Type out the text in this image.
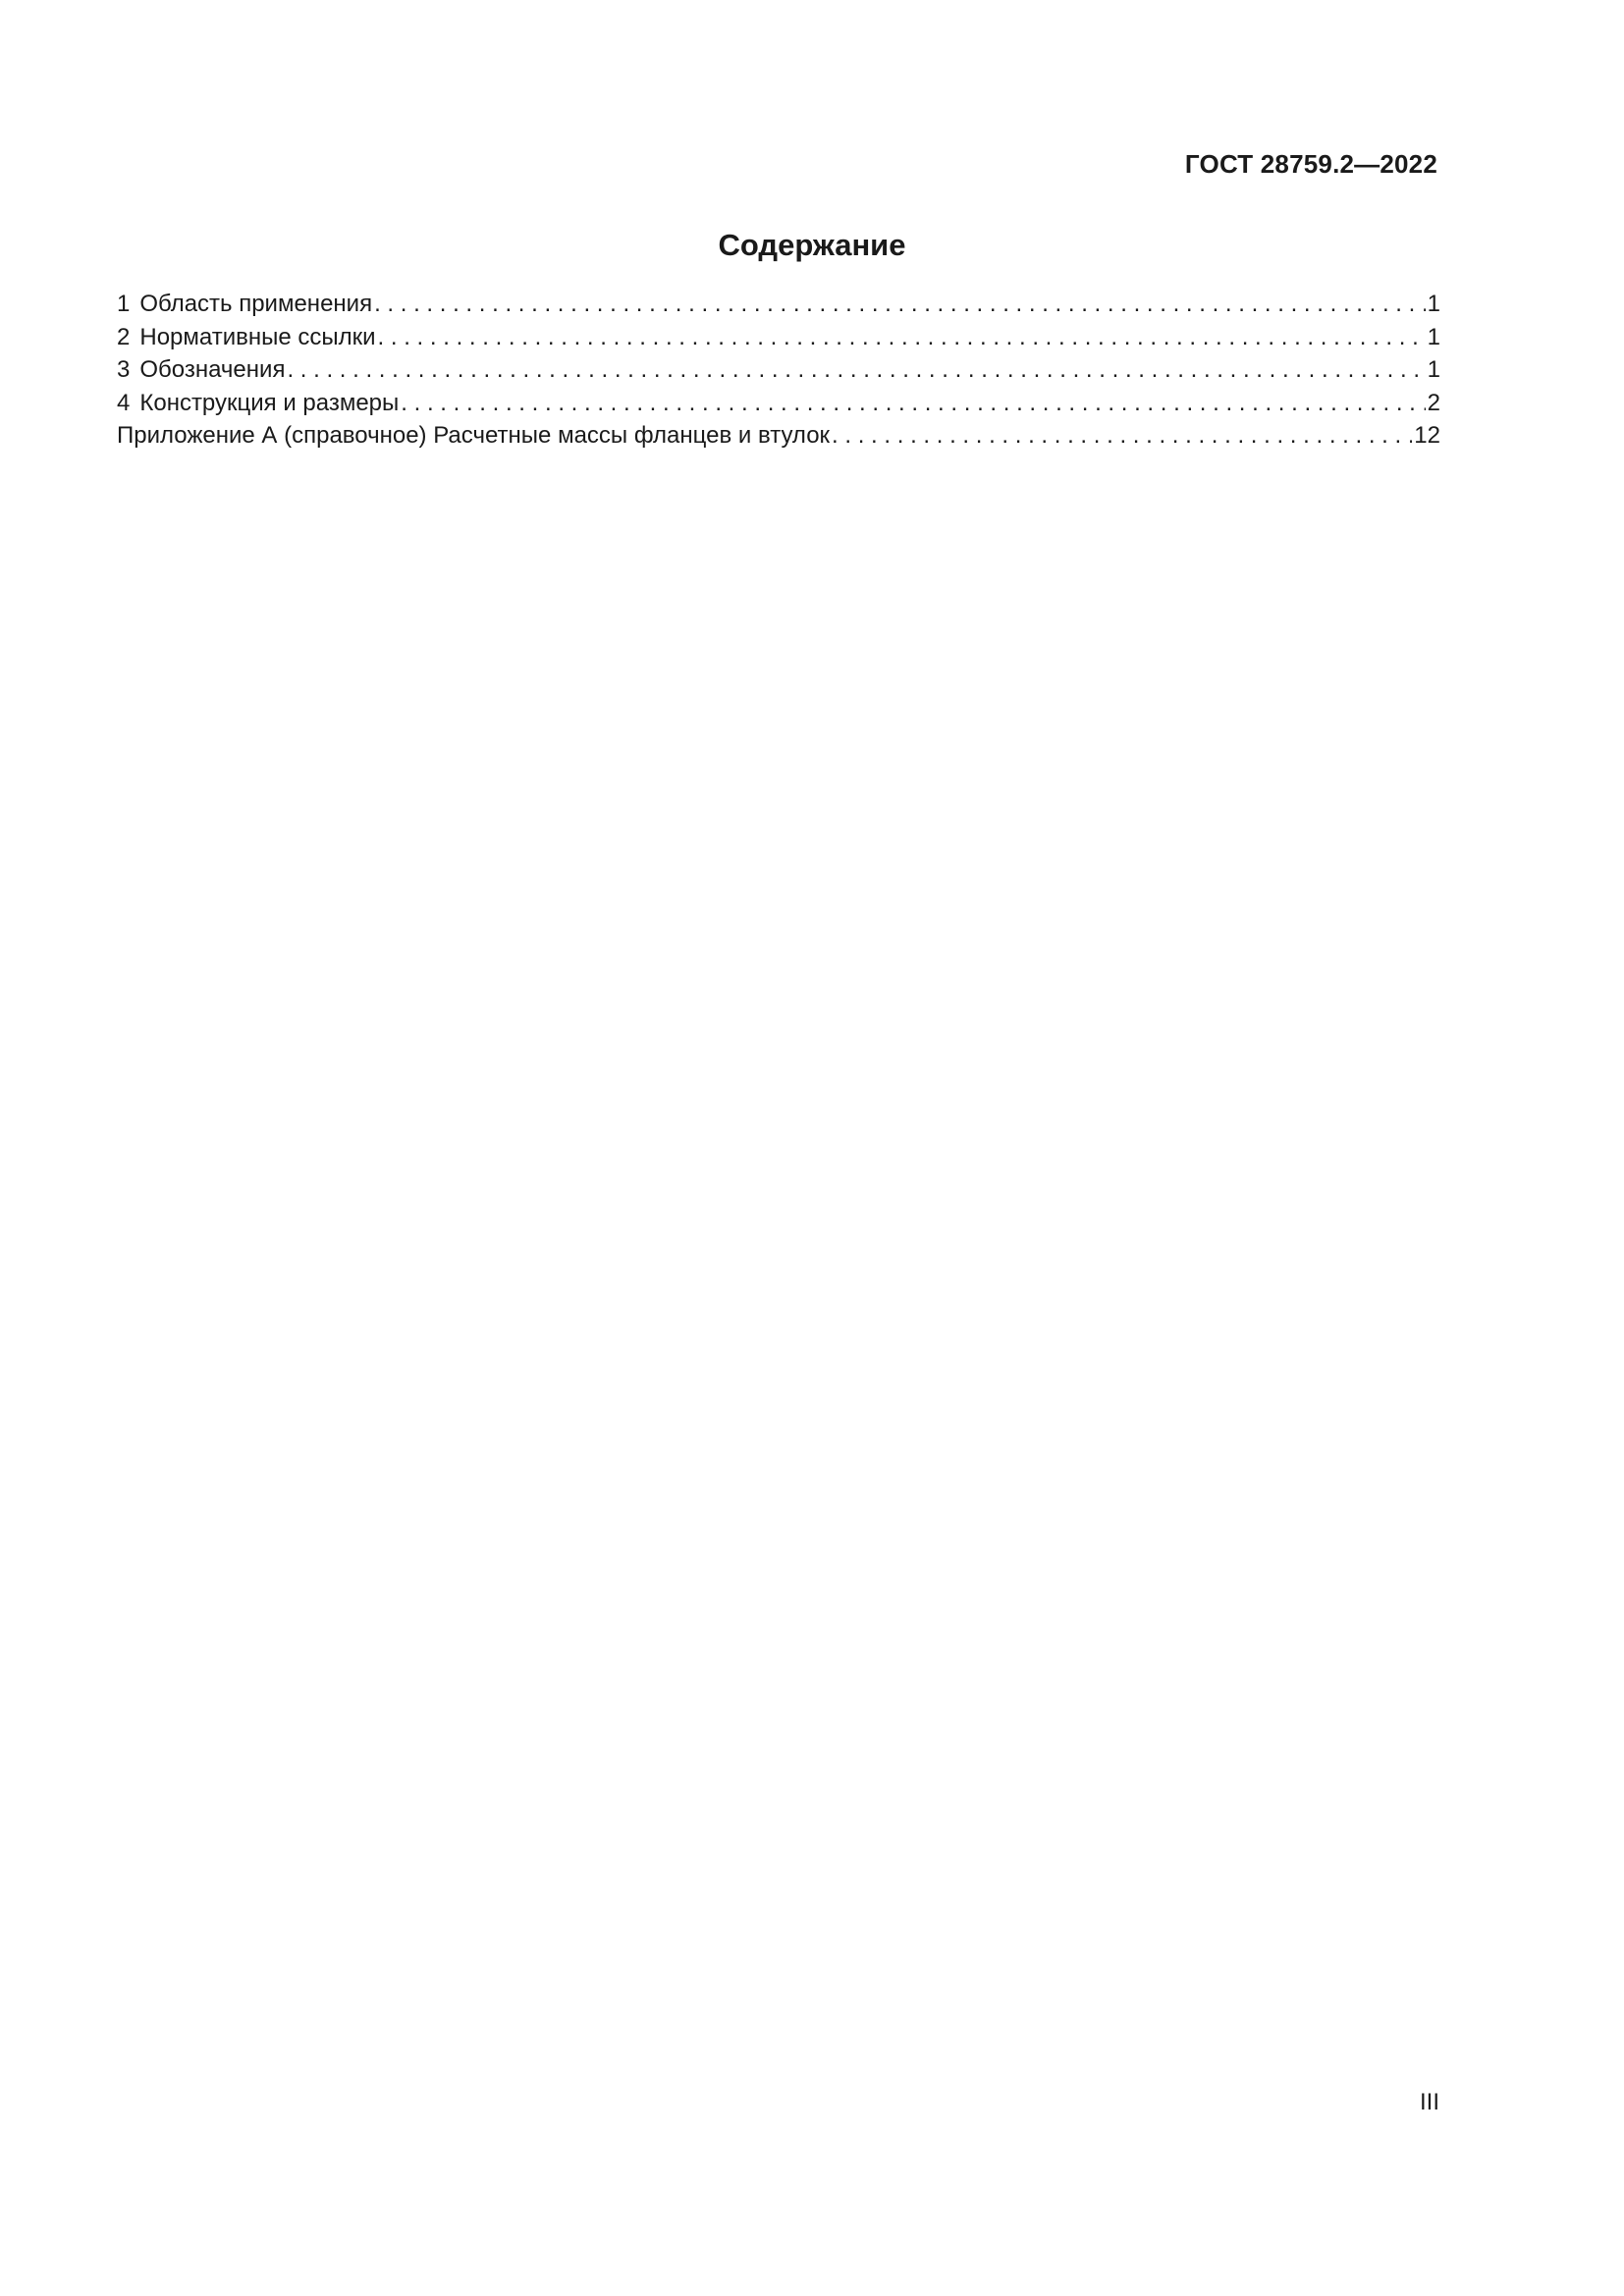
ГОСТ 28759.2—2022
Содержание
1 Область применения . . .	1
2 Нормативные ссылки . . .	1
3 Обозначения . . .	1
4 Конструкция и размеры . . .	2
Приложение А (справочное) Расчетные массы фланцев и втулок . . .	12
III
